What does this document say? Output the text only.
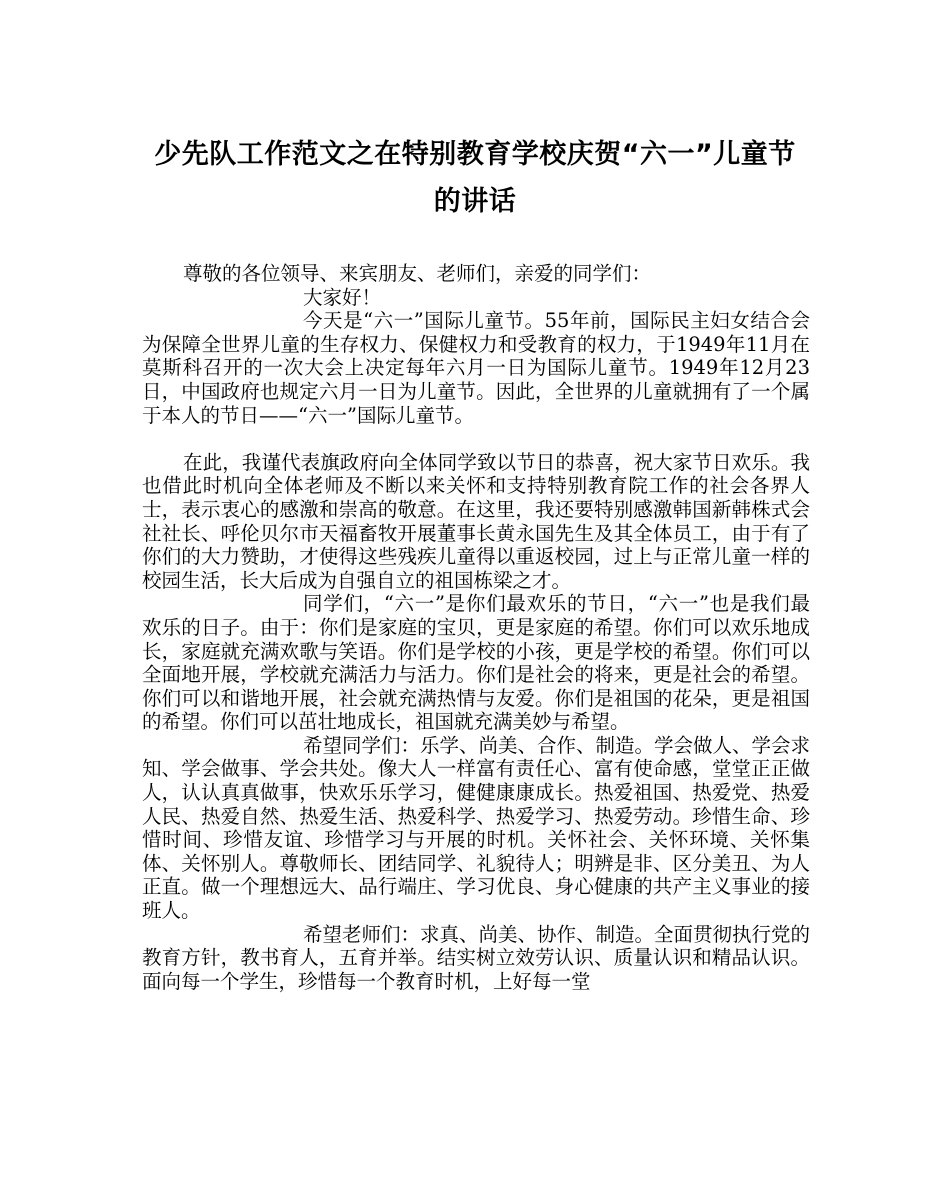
少先队工作范文之在特别教育学校庆贺“六一”儿童节
的讲话

尊敬的各位领导、来宾朋友、老师们，亲爱的同学们：

大家好！

今天是“六一”国际儿童节。55年前，国际民主妇女结合会为保障全世界儿童的生存权力、保健权力和受教育的权力，于1949年11月在莫斯科召开的一次大会上决定每年六月一日为国际儿童节。1949年12月23日，中国政府也规定六月一日为儿童节。因此，全世界的儿童就拥有了一个属于本人的节日——“六一”国际儿童节。

在此，我谨代表旗政府向全体同学致以节日的恭喜，祝大家节日欢乐。我也借此时机向全体老师及不断以来关怀和支持特别教育院工作的社会各界人士，表示衷心的感激和崇高的敬意。在这里，我还要特别感激韩国新韩株式会社社长、呼伦贝尔市天福畜牧开展董事长黄永国先生及其全体员工，由于有了你们的大力赞助，才使得这些残疾儿童得以重返校园，过上与正常儿童一样的校园生活，长大后成为自强自立的祖国栋梁之才。

同学们，“六一”是你们最欢乐的节日，“六一”也是我们最欢乐的日子。由于：你们是家庭的宝贝，更是家庭的希望。你们可以欢乐地成长，家庭就充满欢歌与笑语。你们是学校的小孩，更是学校的希望。你们可以全面地开展，学校就充满活力与活力。你们是社会的将来，更是社会的希望。你们可以和谐地开展，社会就充满热情与友爱。你们是祖国的花朵，更是祖国的希望。你们可以茁壮地成长，祖国就充满美妙与希望。

希望同学们：乐学、尚美、合作、制造。学会做人、学会求知、学会做事、学会共处。像大人一样富有责任心、富有使命感，堂堂正正做人，认认真真做事，快欢乐乐学习，健健康康成长。热爱祖国、热爱党、热爱人民、热爱自然、热爱生活、热爱科学、热爱学习、热爱劳动。珍惜生命、珍惜时间、珍惜友谊、珍惜学习与开展的时机。关怀社会、关怀环境、关怀集体、关怀别人。尊敬师长、团结同学、礼貌待人；明辨是非、区分美丑、为人正直。做一个理想远大、品行端庄、学习优良、身心健康的共产主义事业的接班人。

希望老师们：求真、尚美、协作、制造。全面贯彻执行党的教育方针，教书育人，五育并举。结实树立效劳认识、质量认识和精品认识。面向每一个学生，珍惜每一个教育时机，上好每一堂
